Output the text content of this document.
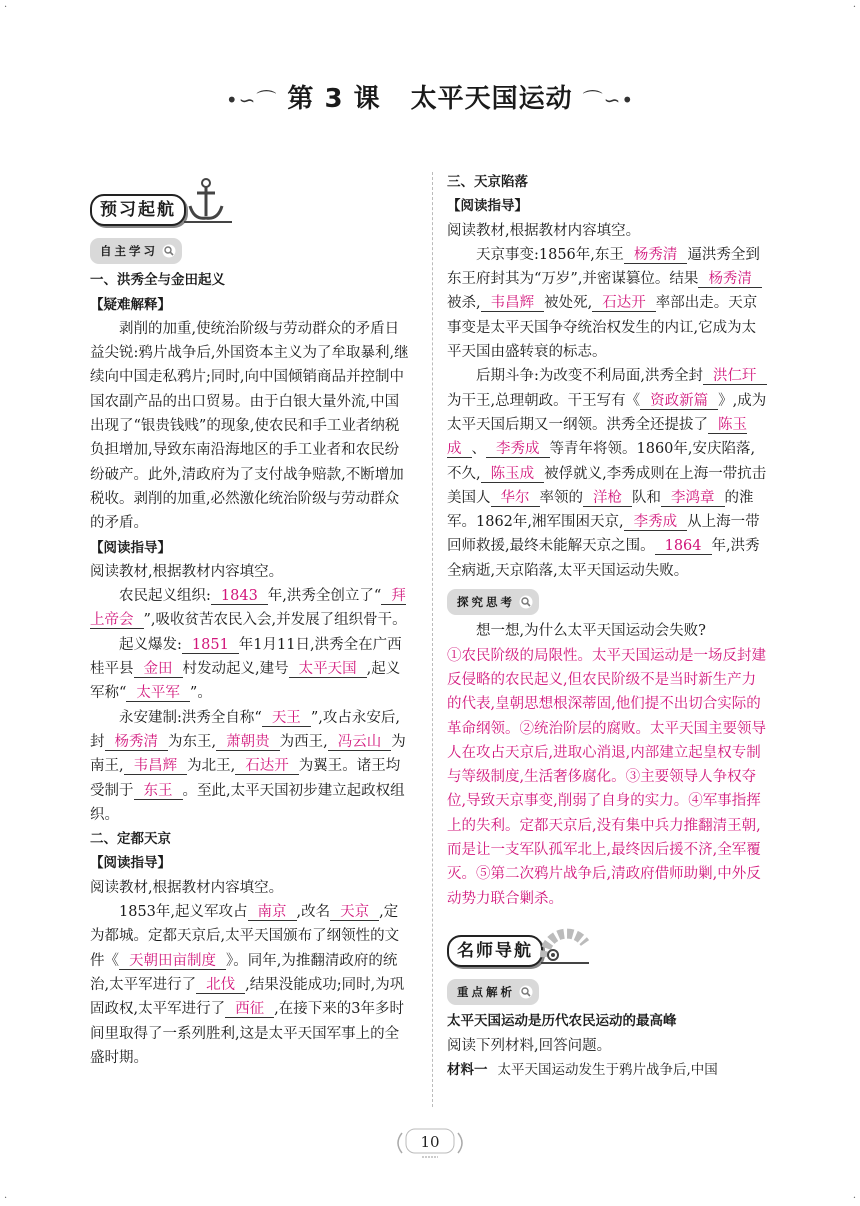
•∽⌒ 第 3 课 太平天国运动 ⌒∽•
预习起航
自主学习

一、洪秀全与金田起义

【疑难解释】

剥削的加重,使统治阶级与劳动群众的矛盾日益尖锐:鸦片战争后,外国资本主义为了牟取暴利,继续向中国走私鸦片;同时,向中国倾销商品并控制中国农副产品的出口贸易。由于白银大量外流,中国出现了“银贵钱贱”的现象,使农民和手工业者纳税负担增加,导致东南沿海地区的手工业者和农民纷纷破产。此外,清政府为了支付战争赔款,不断增加税收。剥削的加重,必然激化统治阶级与劳动群众的矛盾。

【阅读指导】

阅读教材,根据教材内容填空。

农民起义组织: 1843 年,洪秀全创立了“ 拜上帝会 ”,吸收贫苦农民入会,并发展了组织骨干。

起义爆发: 1851 年1月11日,洪秀全在广西桂平县 金田 村发动起义,建号 太平天国 ,起义军称“ 太平军 ”。

永安建制:洪秀全自称“ 天王 ”,攻占永安后,封 杨秀清 为东王, 萧朝贵 为西王, 冯云山 为南王, 韦昌辉 为北王, 石达开 为翼王。诸王均受制于 东王 。至此,太平天国初步建立起政权组织。

二、定都天京

【阅读指导】

阅读教材,根据教材内容填空。

1853年,起义军攻占 南京 ,改名 天京 ,定为都城。定都天京后,太平天国颁布了纲领性的文件《 天朝田亩制度 》。同年,为推翻清政府的统治,太平军进行了 北伐 ,结果没能成功;同时,为巩固政权,太平军进行了 西征 ,在接下来的3年多时间里取得了一系列胜利,这是太平天国军事上的全盛时期。

三、天京陷落

【阅读指导】

阅读教材,根据教材内容填空。

天京事变:1856年,东王 杨秀清 逼洪秀全到东王府封其为“万岁”,并密谋篡位。结果 杨秀清被杀, 韦昌辉 被处死, 石达开 率部出走。天京事变是太平天国争夺统治权发生的内讧,它成为太平天国由盛转衰的标志。

后期斗争:为改变不利局面,洪秀全封 洪仁玕为干王,总理朝政。干王写有《 资政新篇 》,成为太平天国后期又一纲领。洪秀全还提拔了 陈玉成 、 李秀成 等青年将领。1860年,安庆陷落,不久, 陈玉成 被俘就义,李秀成则在上海一带抗击美国人 华尔 率领的 洋枪 队和 李鸿章 的淮军。1862年,湘军围困天京, 李秀成 从上海一带回师救援,最终未能解天京之围。 1864 年,洪秀全病逝,天京陷落,太平天国运动失败。

探究思考

想一想,为什么太平天国运动会失败?

①农民阶级的局限性。太平天国运动是一场反封建反侵略的农民起义,但农民阶级不是当时新生产力的代表,皇朝思想根深蒂固,他们提不出切合实际的革命纲领。②统治阶层的腐败。太平天国主要领导人在攻占天京后,进取心消退,内部建立起皇权专制与等级制度,生活奢侈腐化。③主要领导人争权夺位,导致天京事变,削弱了自身的实力。④军事指挥上的失利。定都天京后,没有集中兵力推翻清王朝,而是让一支军队孤军北上,最终因后援不济,全军覆灭。⑤第二次鸦片战争后,清政府借师助剿,中外反动势力联合剿杀。

名师导航
重点解析

太平天国运动是历代农民运动的最高峰

阅读下列材料,回答问题。

材料一 太平天国运动发生于鸦片战争后,中国

10
·	·
·	·
